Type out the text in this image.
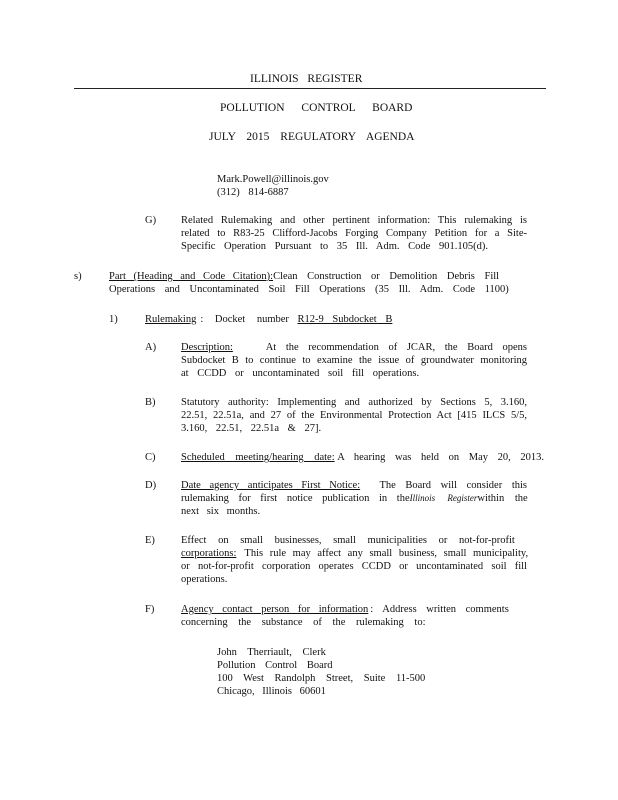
ILLINOIS REGISTER
POLLUTION CONTROL BOARD
JULY 2015 REGULATORY AGENDA
Mark.Powell@illinois.gov
(312) 814-6887
G) Related Rulemaking and other pertinent information: This rulemaking is
related to R83-25 Clifford-Jacobs Forging Company Petition for a Site-
Specific Operation Pursuant to 35 Ill. Adm. Code 901.105(d).
s)	Part (Heading and Code Citation): Clean Construction or Demolition Debris Fill
Operations and Uncontaminated Soil Fill Operations (35 Ill. Adm. Code 1100)
1)	Rulemaking : Docket number R12-9 Subdocket B
A) Description:	At the recommendation of JCAR, the Board opens
Subdocket B to continue to examine the issue of groundwater monitoring
at CCDD or uncontaminated soil fill operations.
B) Statutory authority: Implementing and authorized by Sections 5, 3.160,
22.51, 22.51a, and 27 of the Environmental Protection Act [415 ILCS 5/5,
3.160, 22.51, 22.51a & 27].
C) Scheduled meeting/hearing date: A hearing was held on May 20, 2013.
D) Date agency anticipates First Notice: The Board will consider this
rulemaking for first notice publication in the Illinois Register within the
next six months.
E) Effect on small businesses, small municipalities or not-for-profit
corporations: This rule may affect any small business, small municipality,
or not-for-profit corporation operates CCDD or uncontaminated soil fill
operations.
F)	Agency contact person for information : Address written comments
concerning the substance of the rulemaking to:
John Therriault, Clerk
Pollution Control Board
100 West Randolph Street, Suite 11-500
Chicago, Illinois 60601
